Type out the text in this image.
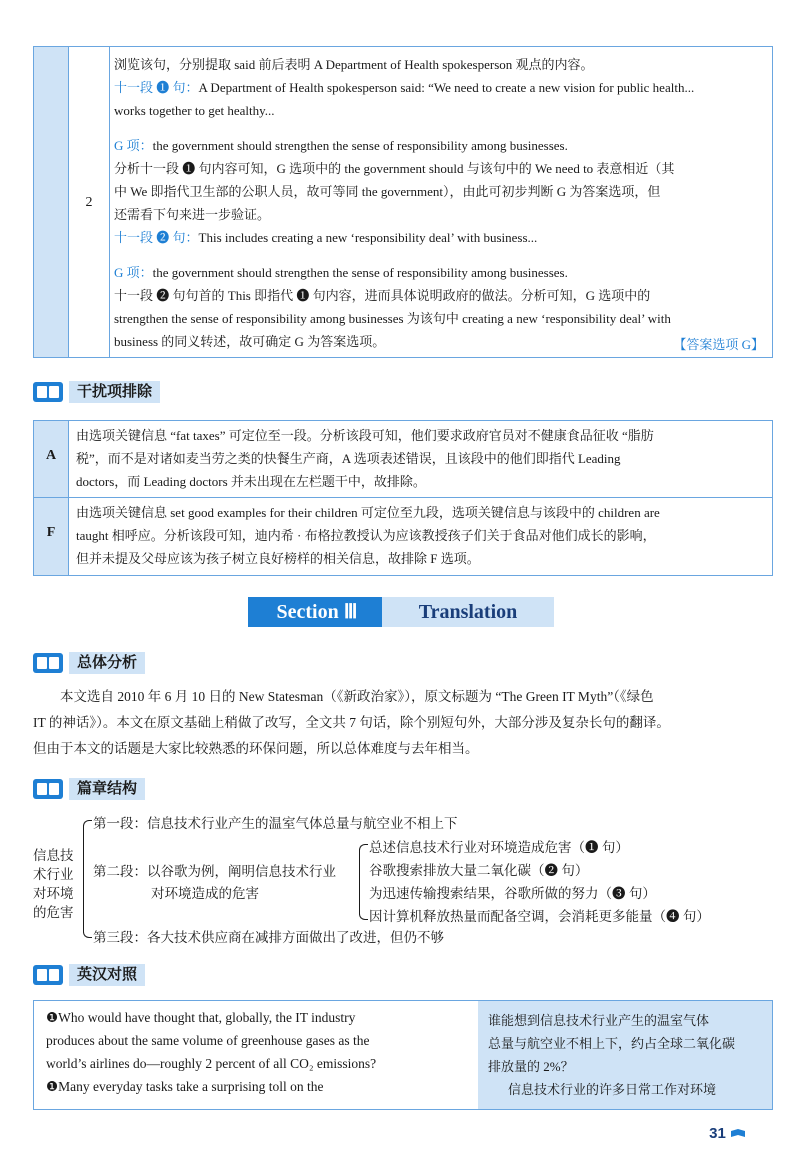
2
浏览该句，分别提取 said 前后表明 A Department of Health spokesperson 观点的内容。
十一段 ❶ 句：A Department of Health spokesperson said: “We need to create a new vision for public health...
works together to get healthy...
G 项：the government should strengthen the sense of responsibility among businesses.
分析十一段 ❶ 句内容可知，G 选项中的 the government should 与该句中的 We need to 表意相近（其
中 We 即指代卫生部的公职人员，故可等同 the government），由此可初步判断 G 为答案选项，但
还需看下句来进一步验证。
十一段 ❷ 句：This includes creating a new ‘responsibility deal’ with business...
G 项：the government should strengthen the sense of responsibility among businesses.
十一段 ❷ 句句首的 This 即指代 ❶ 句内容，进而具体说明政府的做法。分析可知，G 选项中的
strengthen the sense of responsibility among businesses 为该句中 creating a new ‘responsibility deal’ with
business 的同义转述，故可确定 G 为答案选项。	【答案选项 G】
干扰项排除
A
由选项关键信息 “fat taxes” 可定位至一段。分析该段可知，他们要求政府官员对不健康食品征收 “脂肪
税”，而不是对诸如麦当劳之类的快餐生产商，A 选项表述错误，且该段中的他们即指代 Leading
doctors，而 Leading doctors 并未出现在左栏题干中，故排除。
F
由选项关键信息 set good examples for their children 可定位至九段，选项关键信息与该段中的 children are
taught 相呼应。分析该段可知，迪内希 · 布格拉教授认为应该教授孩子们关于食品对他们成长的影响，
但并未提及父母应该为孩子树立良好榜样的相关信息，故排除 F 选项。
Section Ⅲ	Translation
总体分析
本文选自 2010 年 6 月 10 日的 New Statesman（《新政治家》），原文标题为 “The Green IT Myth”（《绿色
IT 的神话》）。本文在原文基础上稍做了改写，全文共 7 句话，除个别短句外，大部分涉及复杂长句的翻译。
但由于本文的话题是大家比较熟悉的环保问题，所以总体难度与去年相当。
篇章结构
信息技
术行业
对环境
的危害
第一段：信息技术行业产生的温室气体总量与航空业不相上下
第二段：以谷歌为例，阐明信息技术行业
对环境造成的危害
总述信息技术行业对环境造成危害（❶ 句）
谷歌搜索排放大量二氧化碳（❷ 句）
为迅速传输搜索结果，谷歌所做的努力（❸ 句）
因计算机释放热量而配备空调，会消耗更多能量（❹ 句）
第三段：各大技术供应商在减排方面做出了改进，但仍不够
英汉对照
❶Who would have thought that, globally, the IT industry
produces about the same volume of greenhouse gases as the
world’s airlines do—roughly 2 percent of all CO₂ emissions?
❶Many everyday tasks take a surprising toll on the
谁能想到信息技术行业产生的温室气体
总量与航空业不相上下，约占全球二氧化碳
排放量的 2%？
信息技术行业的许多日常工作对环境
31
